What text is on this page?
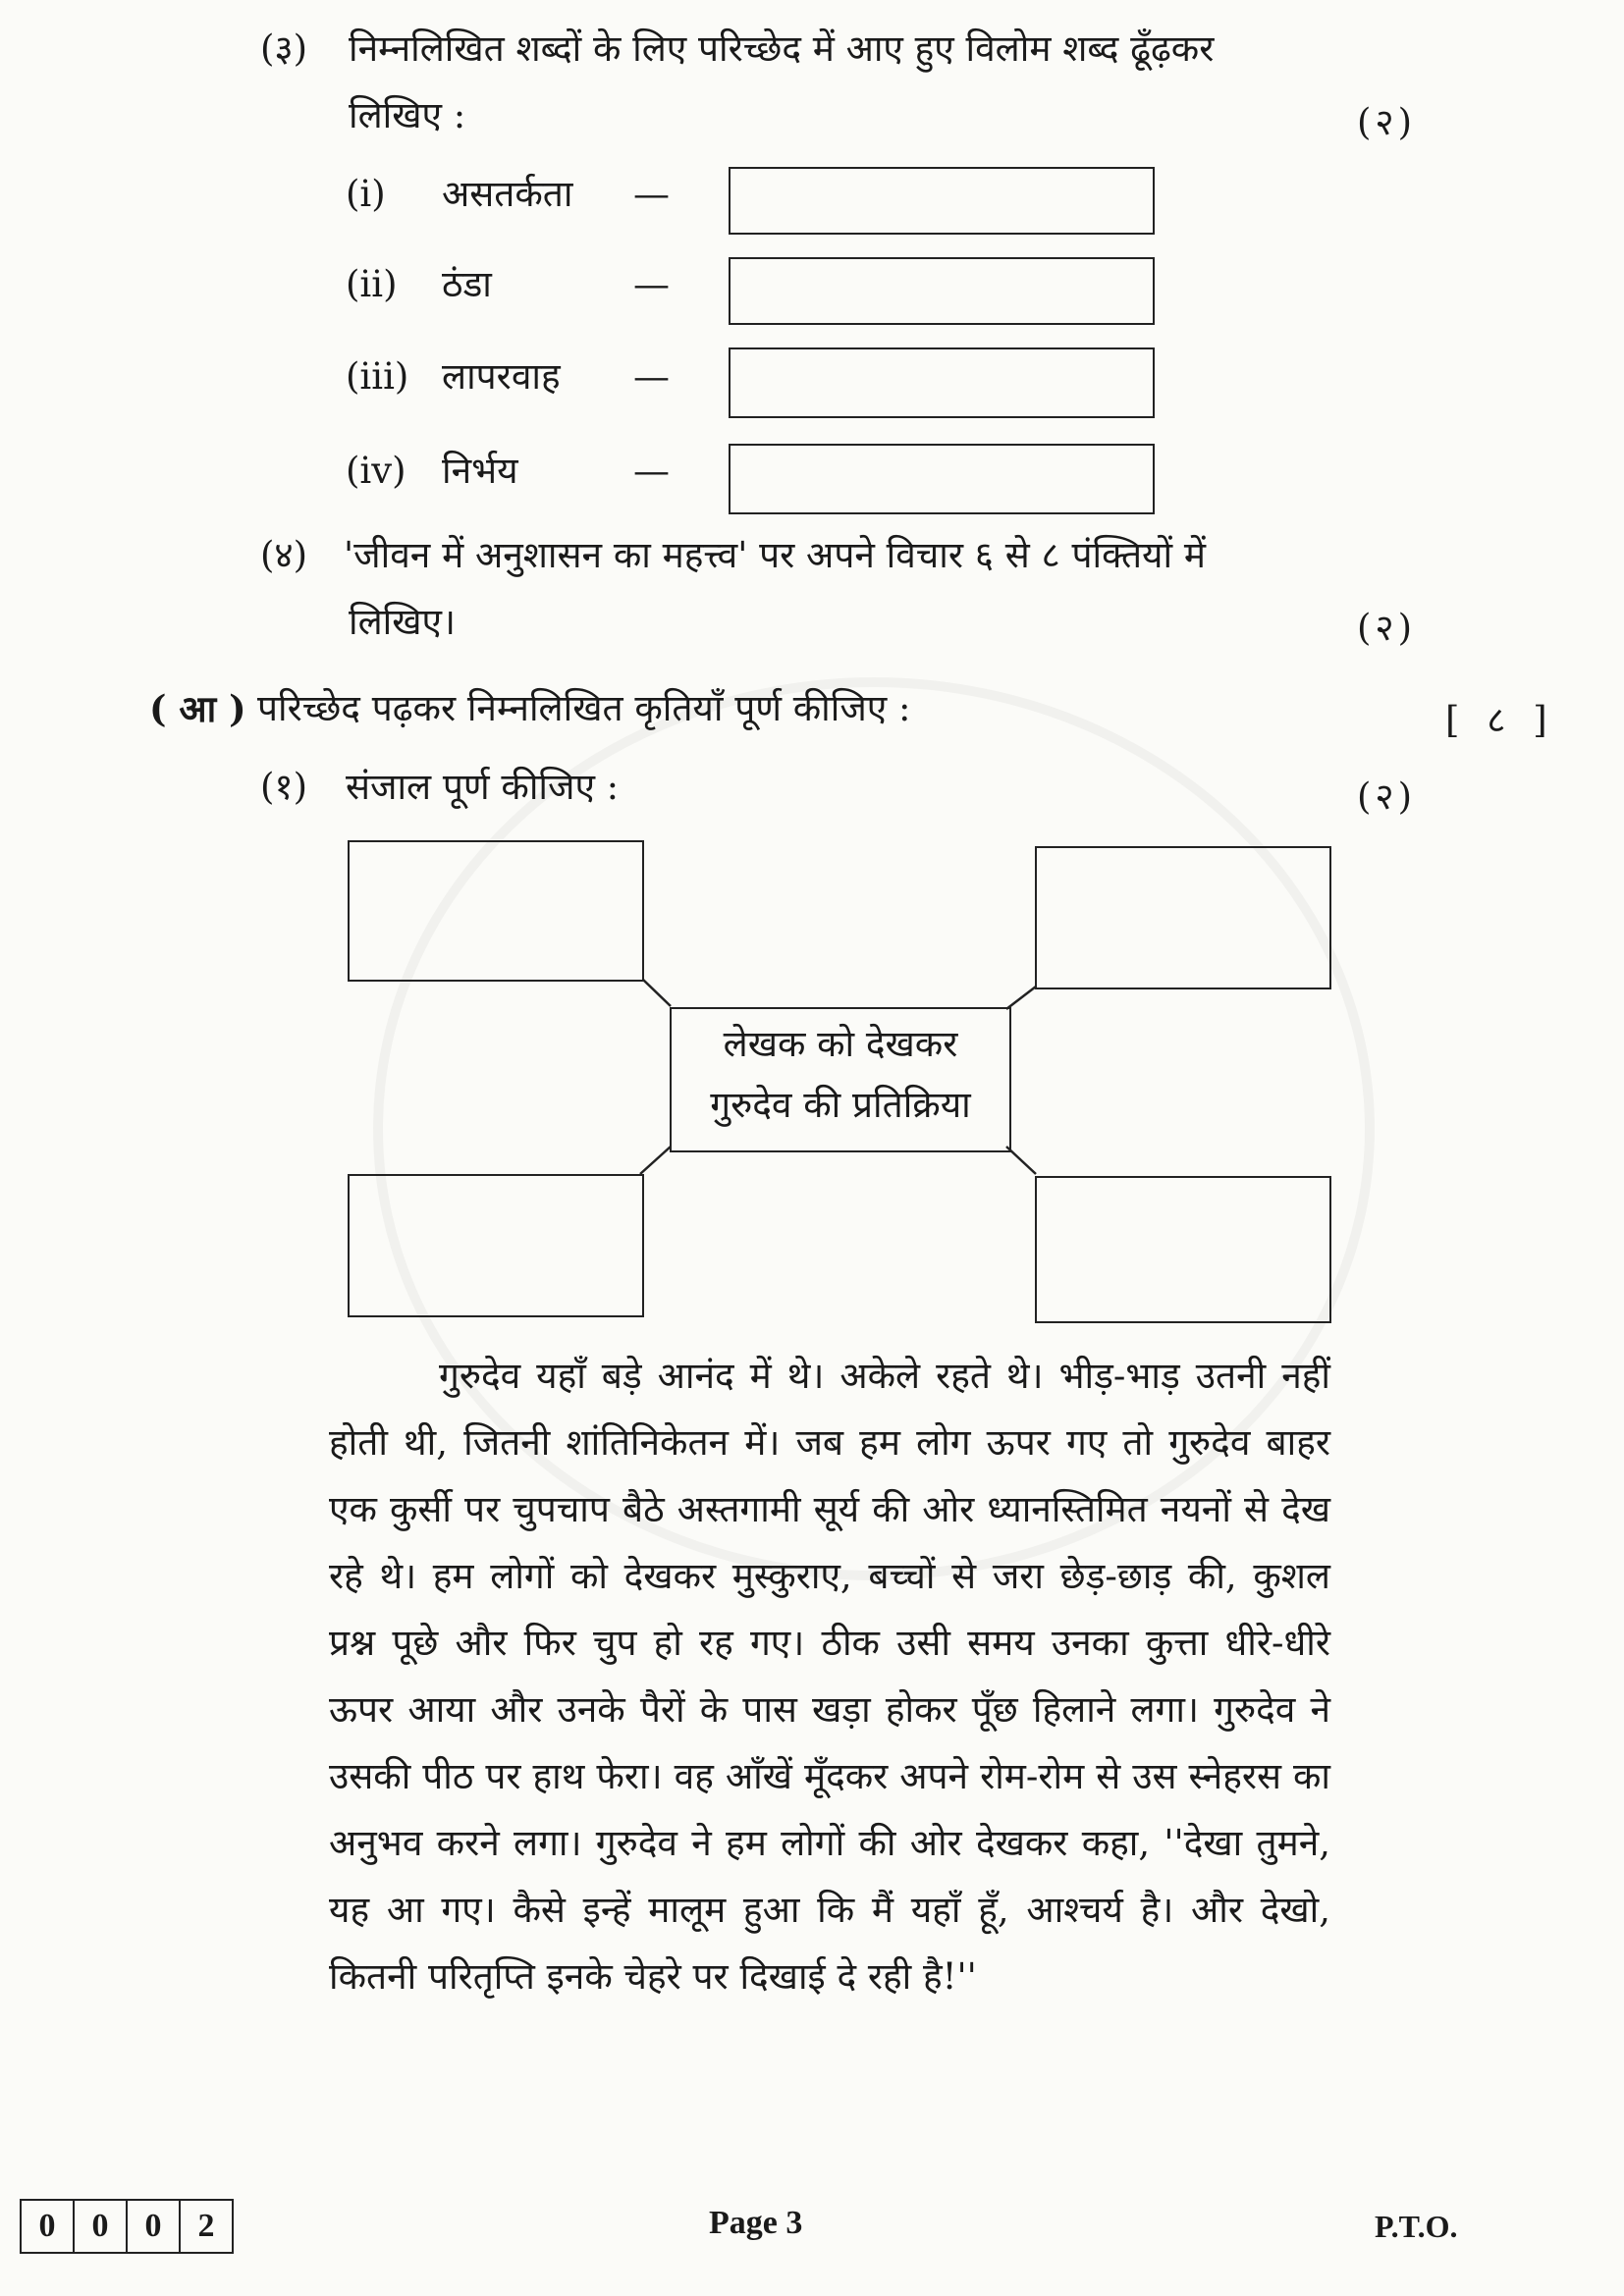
(३) निम्नलिखित शब्दों के लिए परिच्छेद में आए हुए विलोम शब्द ढूँढ़कर
लिखिए :	(२)
(i) असतर्कता —
(ii) ठंडा	—
(iii) लापरवाह —
(iv) निर्भय	—
(४) 'जीवन में अनुशासन का महत्त्व' पर अपने विचार ६ से ८ पंक्तियों में
लिखिए।	(२)
( आ ) परिच्छेद पढ़कर निम्नलिखित कृतियाँ पूर्ण कीजिए :	[ ८ ]
(१) संजाल पूर्ण कीजिए :	(२)
लेखक को देखकर
गुरुदेव की प्रतिक्रिया

गुरुदेव यहाँ बड़े आनंद में थे। अकेले रहते थे। भीड़-भाड़ उतनी नहीं होती थी, जितनी शांतिनिकेतन में। जब हम लोग ऊपर गए तो गुरुदेव बाहर एक कुर्सी पर चुपचाप बैठे अस्तगामी सूर्य की ओर ध्यानस्तिमित नयनों से देख रहे थे। हम लोगों को देखकर मुस्कुराए, बच्चों से जरा छेड़-छाड़ की, कुशल प्रश्न पूछे और फिर चुप हो रह गए। ठीक उसी समय उनका कुत्ता धीरे-धीरे ऊपर आया और उनके पैरों के पास खड़ा होकर पूँछ हिलाने लगा। गुरुदेव ने उसकी पीठ पर हाथ फेरा। वह आँखें मूँदकर अपने रोम-रोम से उस स्नेहरस का अनुभव करने लगा। गुरुदेव ने हम लोगों की ओर देखकर कहा, ''देखा तुमने, यह आ गए। कैसे इन्हें मालूम हुआ कि मैं यहाँ हूँ, आश्चर्य है। और देखो, कितनी परितृप्ति इनके चेहरे पर दिखाई दे रही है!''

0 0 0 2	Page 3	P.T.O.
